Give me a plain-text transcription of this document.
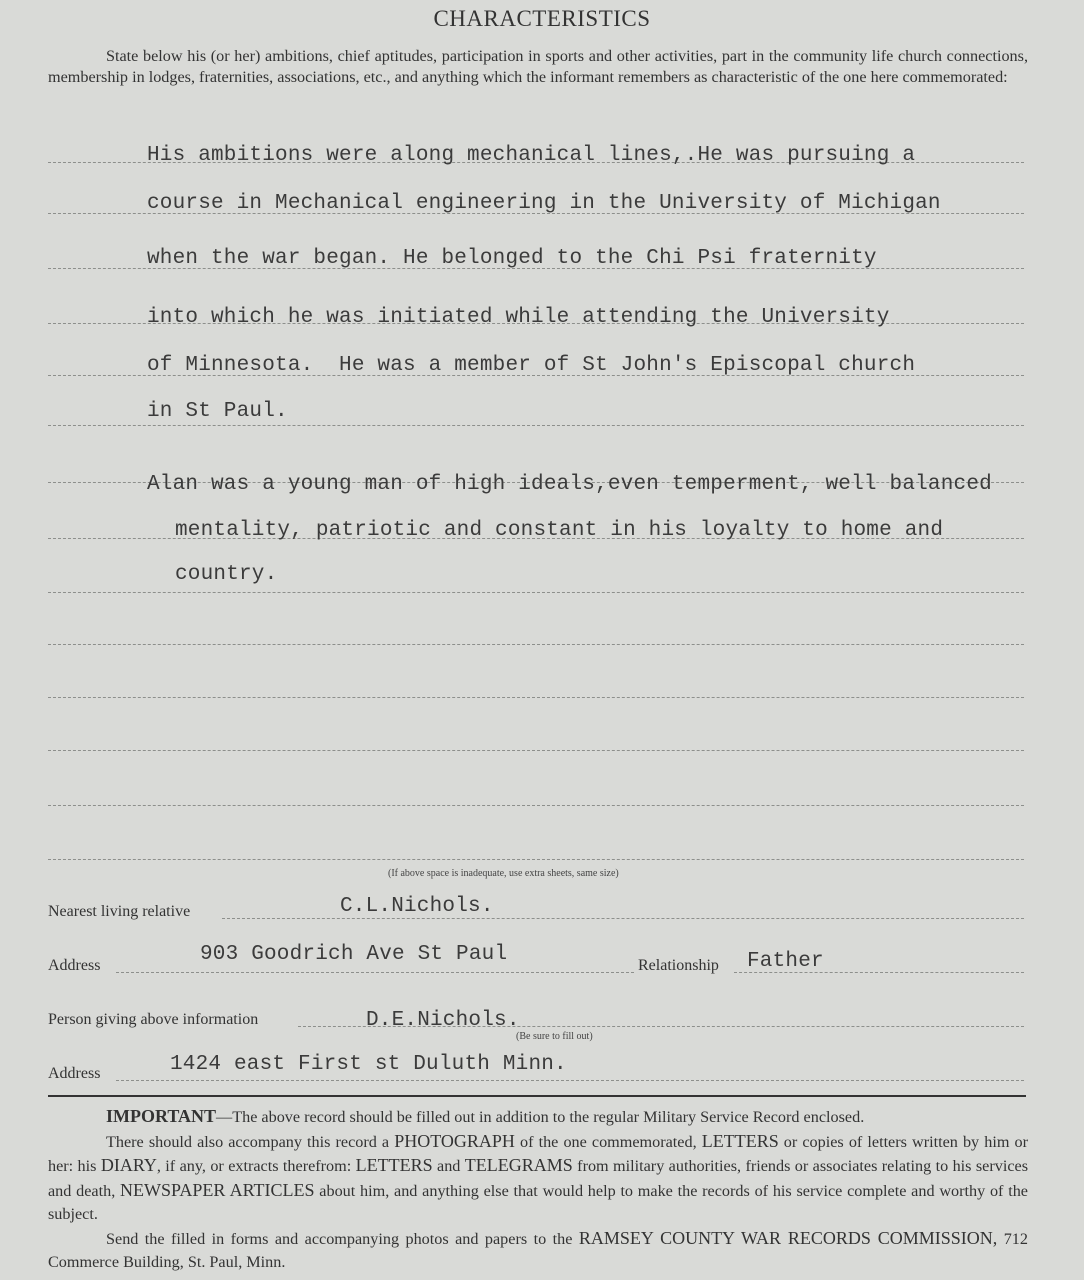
CHARACTERISTICS
State below his (or her) ambitions, chief aptitudes, participation in sports and other activities, part in the community life church connections, membership in lodges, fraternities, associations, etc., and anything which the informant remembers as characteristic of the one here commemorated:
His ambitions were along mechanical lines,.He was pursuing a
course in Mechanical engineering in the University of Michigan
when the war began. He belonged to the Chi Psi fraternity
into which he was initiated while attending the University
of Minnesota.  He was a member of St John's Episcopal church
in St Paul.
Alan was a young man of high ideals,even temperment, well balanced
mentality, patriotic and constant in his loyalty to home and
country.
(If above space is inadequate, use extra sheets, same size)
Nearest living relative	C.L.Nichols.
Address	903 Goodrich Ave St Paul	Relationship Father
Person giving above information	D.E.Nichols.
(Be sure to fill out)
Address	1424 east First st Duluth Minn.

IMPORTANT—The above record should be filled out in addition to the regular Military Service Record enclosed.

There should also accompany this record a PHOTOGRAPH of the one commemorated, LETTERS or copies of letters written by him or her: his DIARY, if any, or extracts therefrom: LETTERS and TELEGRAMS from military authorities, friends or associates relating to his services and death, NEWSPAPER ARTICLES about him, and anything else that would help to make the records of his service complete and worthy of the subject.

Send the filled in forms and accompanying photos and papers to the RAMSEY COUNTY WAR RECORDS COMMISSION, 712 Commerce Building, St. Paul, Minn.
